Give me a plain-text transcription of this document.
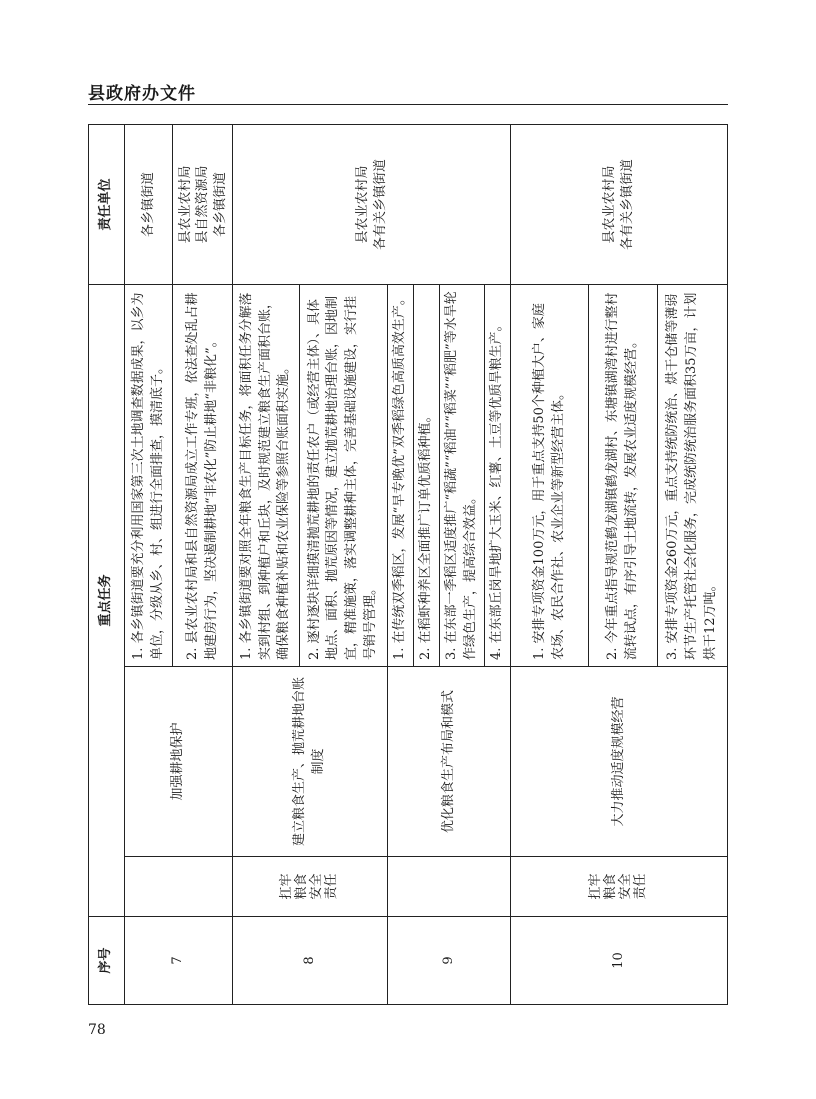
县政府办文件
序号	重点任务			责任单位
7		加强耕地保护	1. 各乡镇街道要充分利用国家第三次土地调查数据成果，以乡为单位，分级从乡、村、组进行全面排查，摸清底子。	各乡镇街道

			2. 县农业农村局和县自然资源局成立工作专班，依法查处乱占耕地建房行为，坚决遏制耕地“非农化”防止耕地“非粮化”。	县农业农村局 县自然资源局 各乡镇街道

8	扛牢 粮食 安全 责任	建立粮食生产、抛荒耕地台账制度	1. 各乡镇街道要对照全年粮食生产目标任务，将面积任务分解落实到村组、到种植户和丘块，及时规范建立粮食生产面积台账，确保粮食种植补贴和农业保险等参照台账面积实施。	县农业农村局 各有关乡镇街道

			2. 逐村逐块详细摸清抛荒耕地的责任农户（或经营主体）、具体地点、面积、抛荒原因等情况，建立抛荒耕地治理台账，因地制宜，精准施策，落实调整耕种主体，完善基础设施建设，实行挂号销号管理。	
9		优化粮食生产布局和模式	1. 在传统双季稻区，发展“早专晚优”双季稻绿色高质高效生产。	
			2. 在稻虾种养区全面推广订单优质稻种植。	
			3. 在东部一季稻区适度推广“稻蔬”“稻油”“稻菜”“稻肥”等水旱轮作绿色生产，提高综合效益。	
			4. 在东部丘岗旱地扩大玉米、红薯、土豆等优质旱粮生产。	
10	扛牢 粮食 安全 责任	大力推动适度规模经营	1. 安排专项资金100万元，用于重点支持50个种植大户、家庭农场、农民合作社、农业企业等新型经营主体。	县农业农村局 各有关乡镇街道

			2. 今年重点指导规范鹤龙湖镇鹤龙湖村、东塘镇湖湾村进行整村流转试点，有序引导土地流转，发展农业适度规模经营。	
			3. 安排专项资金260万元，重点支持统防统治、烘干仓储等薄弱环节生产托管社会化服务，完成统防统治服务面积35万亩，计划烘干12万吨。	
78
